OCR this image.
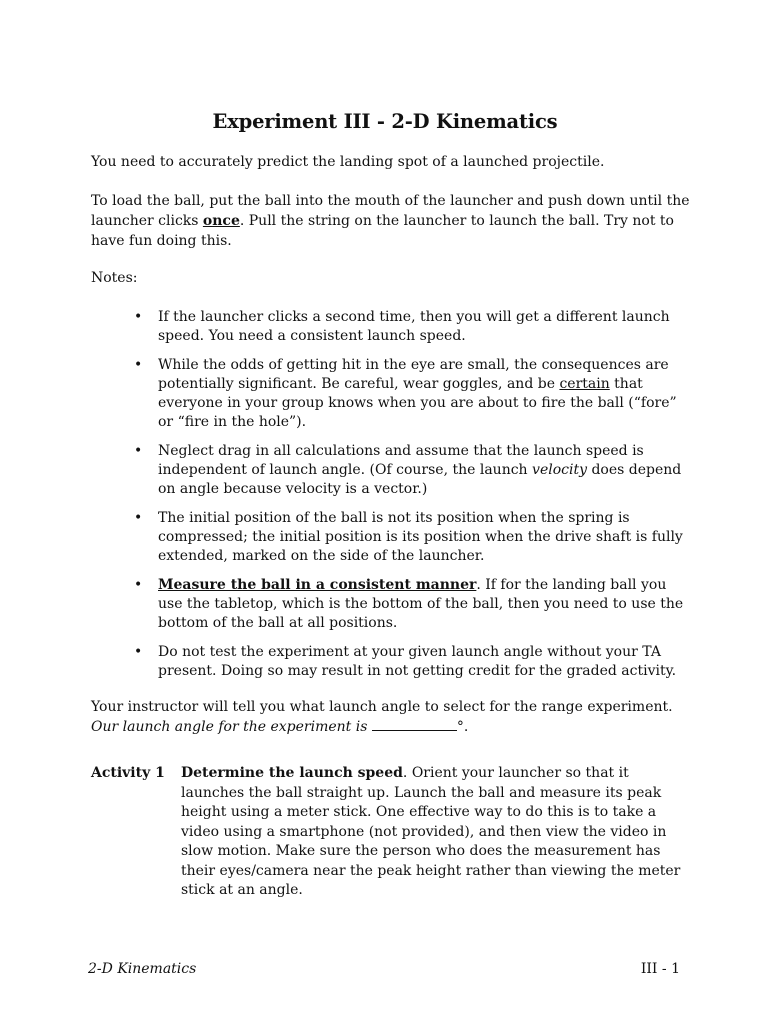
Experiment III - 2-D Kinematics
You need to accurately predict the landing spot of a launched projectile.
To load the ball, put the ball into the mouth of the launcher and push down until the launcher clicks once. Pull the string on the launcher to launch the ball. Try not to have fun doing this.
Notes:
• If the launcher clicks a second time, then you will get a different launch speed. You need a consistent launch speed.
• While the odds of getting hit in the eye are small, the consequences are potentially significant. Be careful, wear goggles, and be certain that everyone in your group knows when you are about to fire the ball (“fore” or “fire in the hole”).
• Neglect drag in all calculations and assume that the launch speed is independent of launch angle. (Of course, the launch velocity does depend on angle because velocity is a vector.)
• The initial position of the ball is not its position when the spring is compressed; the initial position is its position when the drive shaft is fully extended, marked on the side of the launcher.
• Measure the ball in a consistent manner. If for the landing ball you use the tabletop, which is the bottom of the ball, then you need to use the bottom of the ball at all positions.
• Do not test the experiment at your given launch angle without your TA present. Doing so may result in not getting credit for the graded activity.
Your instructor will tell you what launch angle to select for the range experiment. Our launch angle for the experiment is	°.
Activity 1 Determine the launch speed. Orient your launcher so that it launches the ball straight up. Launch the ball and measure its peak height using a meter stick. One effective way to do this is to take a video using a smartphone (not provided), and then view the video in slow motion. Make sure the person who does the measurement has their eyes/camera near the peak height rather than viewing the meter stick at an angle.
2-D Kinematics	III - 1
